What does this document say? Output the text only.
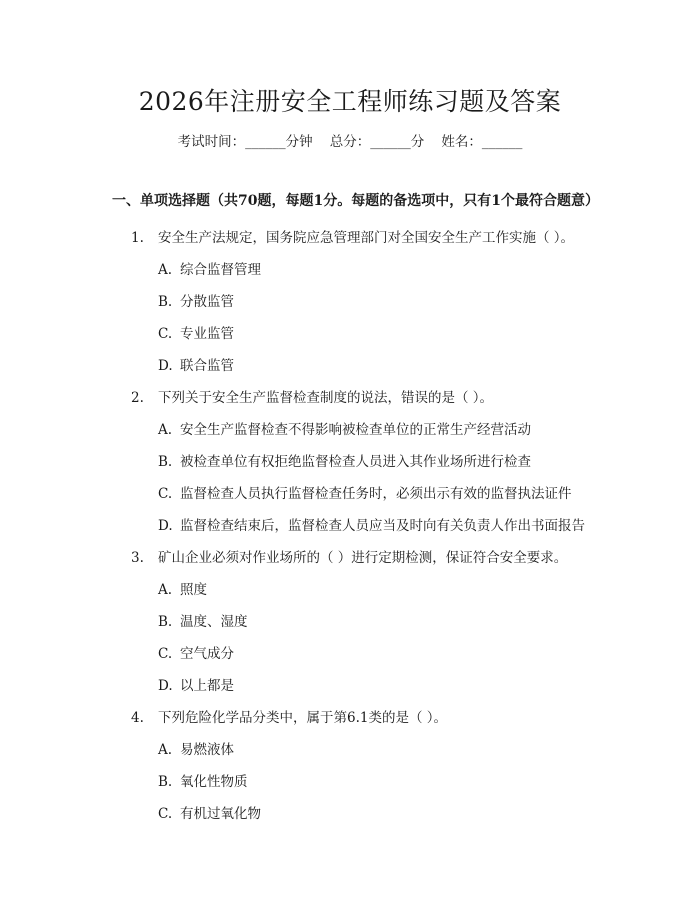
2026年注册安全工程师练习题及答案
考试时间：______分钟    总分：______分    姓名：______
一、单项选择题（共70题，每题1分。每题的备选项中，只有1个最符合题意）
1. 安全生产法规定，国务院应急管理部门对全国安全生产工作实施（ ）。
A. 综合监督管理
B. 分散监管
C. 专业监管
D. 联合监管
2. 下列关于安全生产监督检查制度的说法，错误的是（ ）。
A. 安全生产监督检查不得影响被检查单位的正常生产经营活动
B. 被检查单位有权拒绝监督检查人员进入其作业场所进行检查
C. 监督检查人员执行监督检查任务时，必须出示有效的监督执法证件
D. 监督检查结束后，监督检查人员应当及时向有关负责人作出书面报告
3. 矿山企业必须对作业场所的（ ）进行定期检测，保证符合安全要求。
A. 照度
B. 温度、湿度
C. 空气成分
D. 以上都是
4. 下列危险化学品分类中，属于第6.1类的是（ ）。
A. 易燃液体
B. 氧化性物质
C. 有机过氧化物
